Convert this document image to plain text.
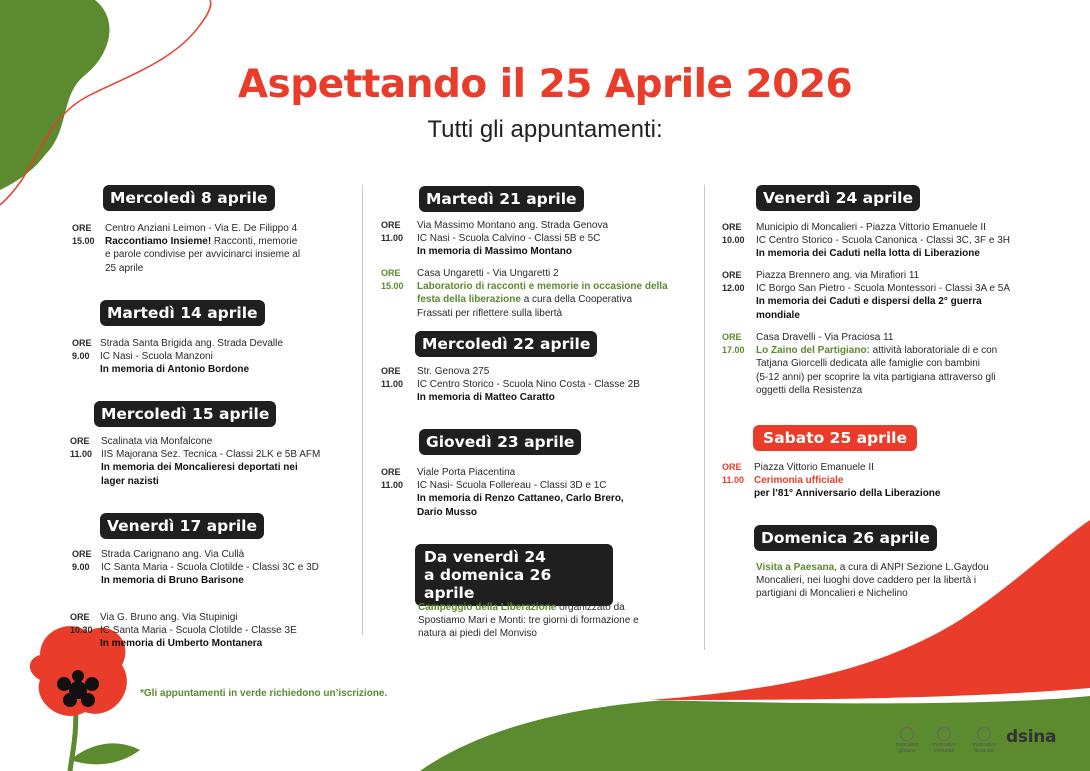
Aspettando il 25 Aprile 2026
Tutti gli appuntamenti:
Mercoledì 8 aprile
ORE
15.00
Centro Anziani Leimon - Via E. De Filippo 4
Raccontiamo Insieme! Racconti, memorie
e parole condivise per avvicinarci insieme al
25 aprile
Martedì 14 aprile
ORE
9.00
Strada Santa Brigida ang. Strada Devalle
IC Nasi - Scuola Manzoni
In memoria di Antonio Bordone
Mercoledì 15 aprile
ORE
11.00
Scalinata via Monfalcone
IIS Majorana Sez. Tecnica - Classi 2LK e 5B AFM
In memoria dei Moncalieresi deportati nei
lager nazisti
Venerdì 17 aprile
ORE
9.00
Strada Carignano ang. Via Cullà
IC Santa Maria - Scuola Clotilde - Classi 3C e 3D
In memoria di Bruno Barisone
ORE
10.30
Via G. Bruno ang. Via Stupinigi
IC Santa Maria - Scuola Clotilde - Classe 3E
In memoria di Umberto Montanera
Martedì 21 aprile
ORE
11.00
Via Massimo Montano ang. Strada Genova
IC Nasi - Scuola Calvino - Classi 5B e 5C
In memoria di Massimo Montano
ORE
15.00
Casa Ungaretti - Via Ungaretti 2
Laboratorio di racconti e memorie in occasione della
festa della liberazione a cura della Cooperativa
Frassati per riflettere sulla libertà
Mercoledì 22 aprile
ORE
11.00
Str. Genova 275
IC Centro Storico - Scuola Nino Costa - Classe 2B
In memoria di Matteo Caratto
Giovedì 23 aprile
ORE
11.00
Viale Porta Piacentina
IC Nasi- Scuola Follereau - Classi 3D e 1C
In memoria di Renzo Cattaneo, Carlo Brero,
Dario Musso
Da venerdì 24
a domenica 26 aprile
Campeggio della Liberazione organizzato da
Spostiamo Mari e Monti: tre giorni di formazione e
natura ai piedi del Monviso
Venerdì 24 aprile
ORE
10.00
Municipio di Moncalieri - Piazza Vittorio Emanuele II
IC Centro Storico - Scuola Canonica - Classi 3C, 3F e 3H
In memoria dei Caduti nella lotta di Liberazione
ORE
12.00
Piazza Brennero ang. via Mirafiori 11
IC Borgo San Pietro - Scuola Montessori - Classi 3A e 5A
In memoria dei Caduti e dispersi della 2° guerra
mondiale
ORE
17.00
Casa Dravelli - Via Praciosa 11
Lo Zaino del Partigiano: attività laboratoriale di e con
Tatjana Giorcelli dedicata alle famiglie con bambini
(5-12 anni) per scoprire la vita partigiana attraverso gli
oggetti della Resistenza
Sabato 25 aprile
ORE
11.00
Piazza Vittorio Emanuele II
Cerimonia ufficiale
per l’81° Anniversario della Liberazione
Domenica 26 aprile
Visita a Paesana, a cura di ANPI Sezione L.Gaydou
Moncalieri, nei luoghi dove caddero per la libertà i
partigiani di Moncalieri e Nichelino
*Gli appuntamenti in verde richiedono un’iscrizione.
moncalieri
giovane
moncalieri
comunità
moncalieri
terza età
dsina
